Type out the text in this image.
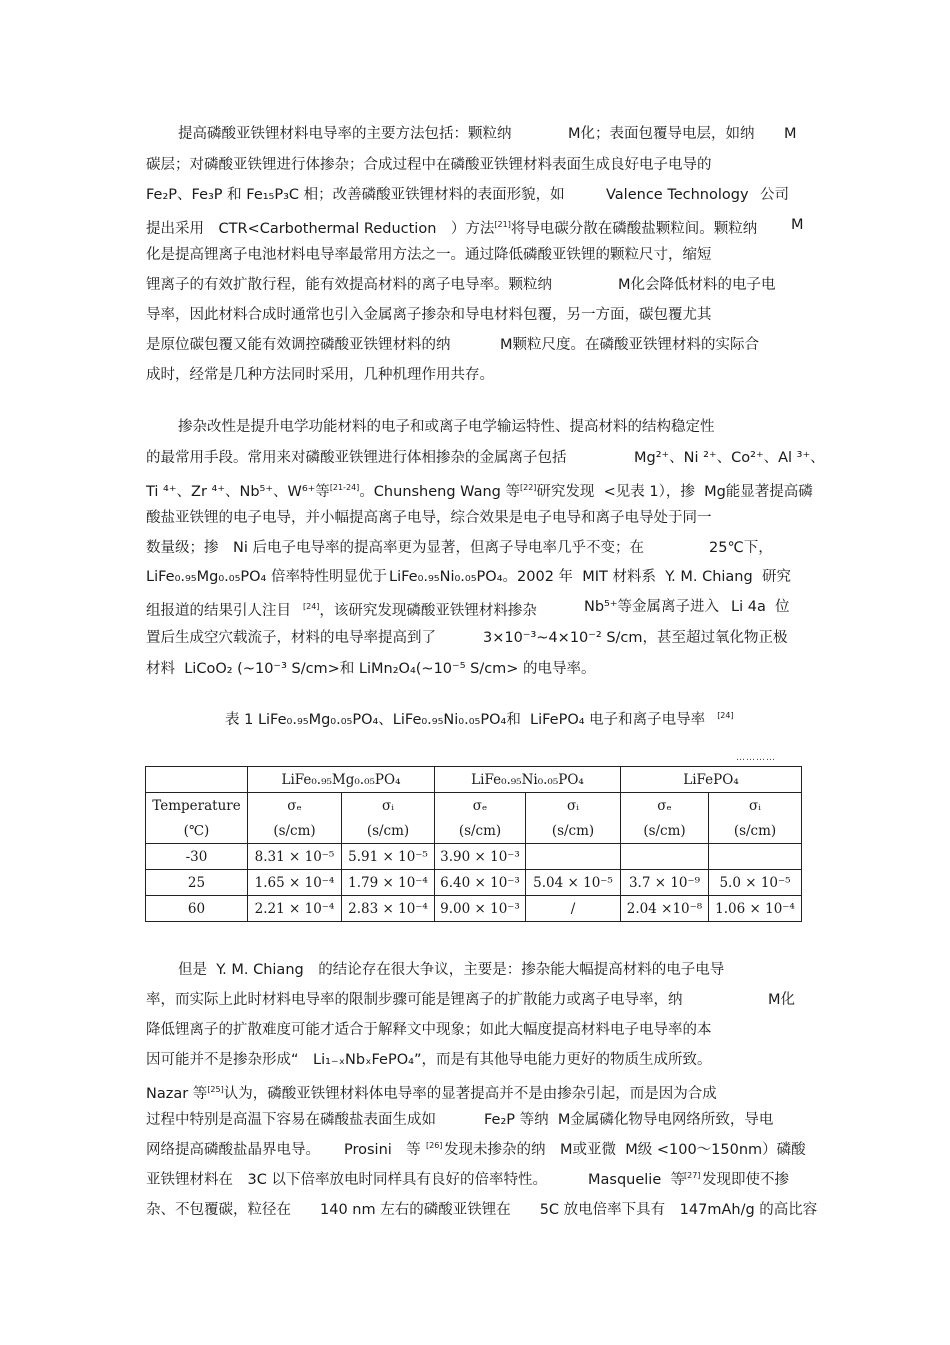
提高磷酸亚铁锂材料电导率的主要方法包括：颗粒纳	M化；表面包覆导电层，如纳 M
碳层；对磷酸亚铁锂进行体掺杂；合成过程中在磷酸亚铁锂材料表面生成良好电子电导的
Fe₂P、Fe₃P 和 Fe₁₅P₃C 相；改善磷酸亚铁锂材料的表面形貌，如	Valence Technology 公司
提出采用　CTR<Carbothermal Reduction　）方法[21]将导电碳分散在磷酸盐颗粒间。颗粒纳 M
化是提高锂离子电池材料电导率最常用方法之一。通过降低磷酸亚铁锂的颗粒尺寸，缩短
锂离子的有效扩散行程，能有效提高材料的离子电导率。颗粒纳	M化会降低材料的电子电
导率，因此材料合成时通常也引入金属离子掺杂和导电材料包覆，另一方面，碳包覆尤其
是原位碳包覆又能有效调控磷酸亚铁锂材料的纳	M颗粒尺度。在磷酸亚铁锂材料的实际合
成时，经常是几种方法同时采用，几种机理作用共存。
掺杂改性是提升电学功能材料的电子和或离子电学输运特性、提高材料的结构稳定性
的最常用手段。常用来对磷酸亚铁锂进行体相掺杂的金属离子包括	Mg²⁺、Ni ²⁺、Co²⁺、Al ³⁺、
Ti ⁴⁺、Zr ⁴⁺、Nb⁵⁺、W⁶⁺等[21-24]。Chunsheng Wang 等[22]研究发现  <见表 1），掺  Mg能显著提高磷
酸盐亚铁锂的电子电导，并小幅提高离子电导，综合效果是电子电导和离子电导处于同一
数量级；掺　Ni 后电子电导率的提高率更为显著，但离子导电率几乎不变；在	25℃下，
LiFe₀.₉₅Mg₀.₀₅PO₄ 倍率特性明显优于 LiFe₀.₉₅Ni₀.₀₅PO₄。2002 年  MIT 材料系  Y. M. Chiang 研究
组报道的结果引人注目 [24]，该研究发现磷酸亚铁锂材料掺杂	Nb⁵⁺等金属离子进入 Li 4a  位
置后生成空穴载流子，材料的电导率提高到了	3×10⁻³~4×10⁻² S/cm，甚至超过氧化物正极
材料  LiCoO₂ (~10⁻³ S/cm>和 LiMn₂O₄(~10⁻⁵ S/cm> 的电导率。
表 1 LiFe₀.₉₅Mg₀.₀₅PO₄、LiFe₀.₉₅Ni₀.₀₅PO₄和  LiFePO₄ 电子和离子电导率 [24]
…………
	LiFe₀.₉₅Mg₀.₀₅PO₄		LiFe₀.₉₅Ni₀.₀₅PO₄		LiFePO₄	
Temperature	σₑ	σᵢ	σₑ	σᵢ	σₑ	σᵢ
(℃)	(s/cm)	(s/cm)	(s/cm)	(s/cm)	(s/cm)	(s/cm)
-30	8.31 × 10⁻⁵	5.91 × 10⁻⁵	3.90 × 10⁻³			
25	1.65 × 10⁻⁴	1.79 × 10⁻⁴	6.40 × 10⁻³	5.04 × 10⁻⁵	3.7 × 10⁻⁹	5.0 × 10⁻⁵
60	2.21 × 10⁻⁴	2.83 × 10⁻⁴	9.00 × 10⁻³	/	2.04 ×10⁻⁸	1.06 × 10⁻⁴
但是  Y. M. Chiang　的结论存在很大争议，主要是：掺杂能大幅提高材料的电子电导
率，而实际上此时材料电导率的限制步骤可能是锂离子的扩散能力或离子电导率，纳	M化
降低锂离子的扩散难度可能才适合于解释文中现象；如此大幅度提高材料电子电导率的本
因可能并不是掺杂形成“　Li₁₋ₓNbₓFePO₄”，而是有其他导电能力更好的物质生成所致。
Nazar 等[25]认为，磷酸亚铁锂材料体电导率的显著提高并不是由掺杂引起，而是因为合成
过程中特别是高温下容易在磷酸盐表面生成如	Fe₂P 等纳  M金属磷化物导电网络所致，导电
网络提高磷酸盐晶界电导。 Prosini　等 [26] 发现未掺杂的纳　M或亚微  M级 <100～150nm）磷酸
亚铁锂材料在　3C 以下倍率放电时同样具有良好的倍率特性。	Masquelie  等 [27] 发现即使不掺
杂、不包覆碳，粒径在　　140 nm 左右的磷酸亚铁锂在　　5C 放电倍率下具有　147mAh/g 的高比容
